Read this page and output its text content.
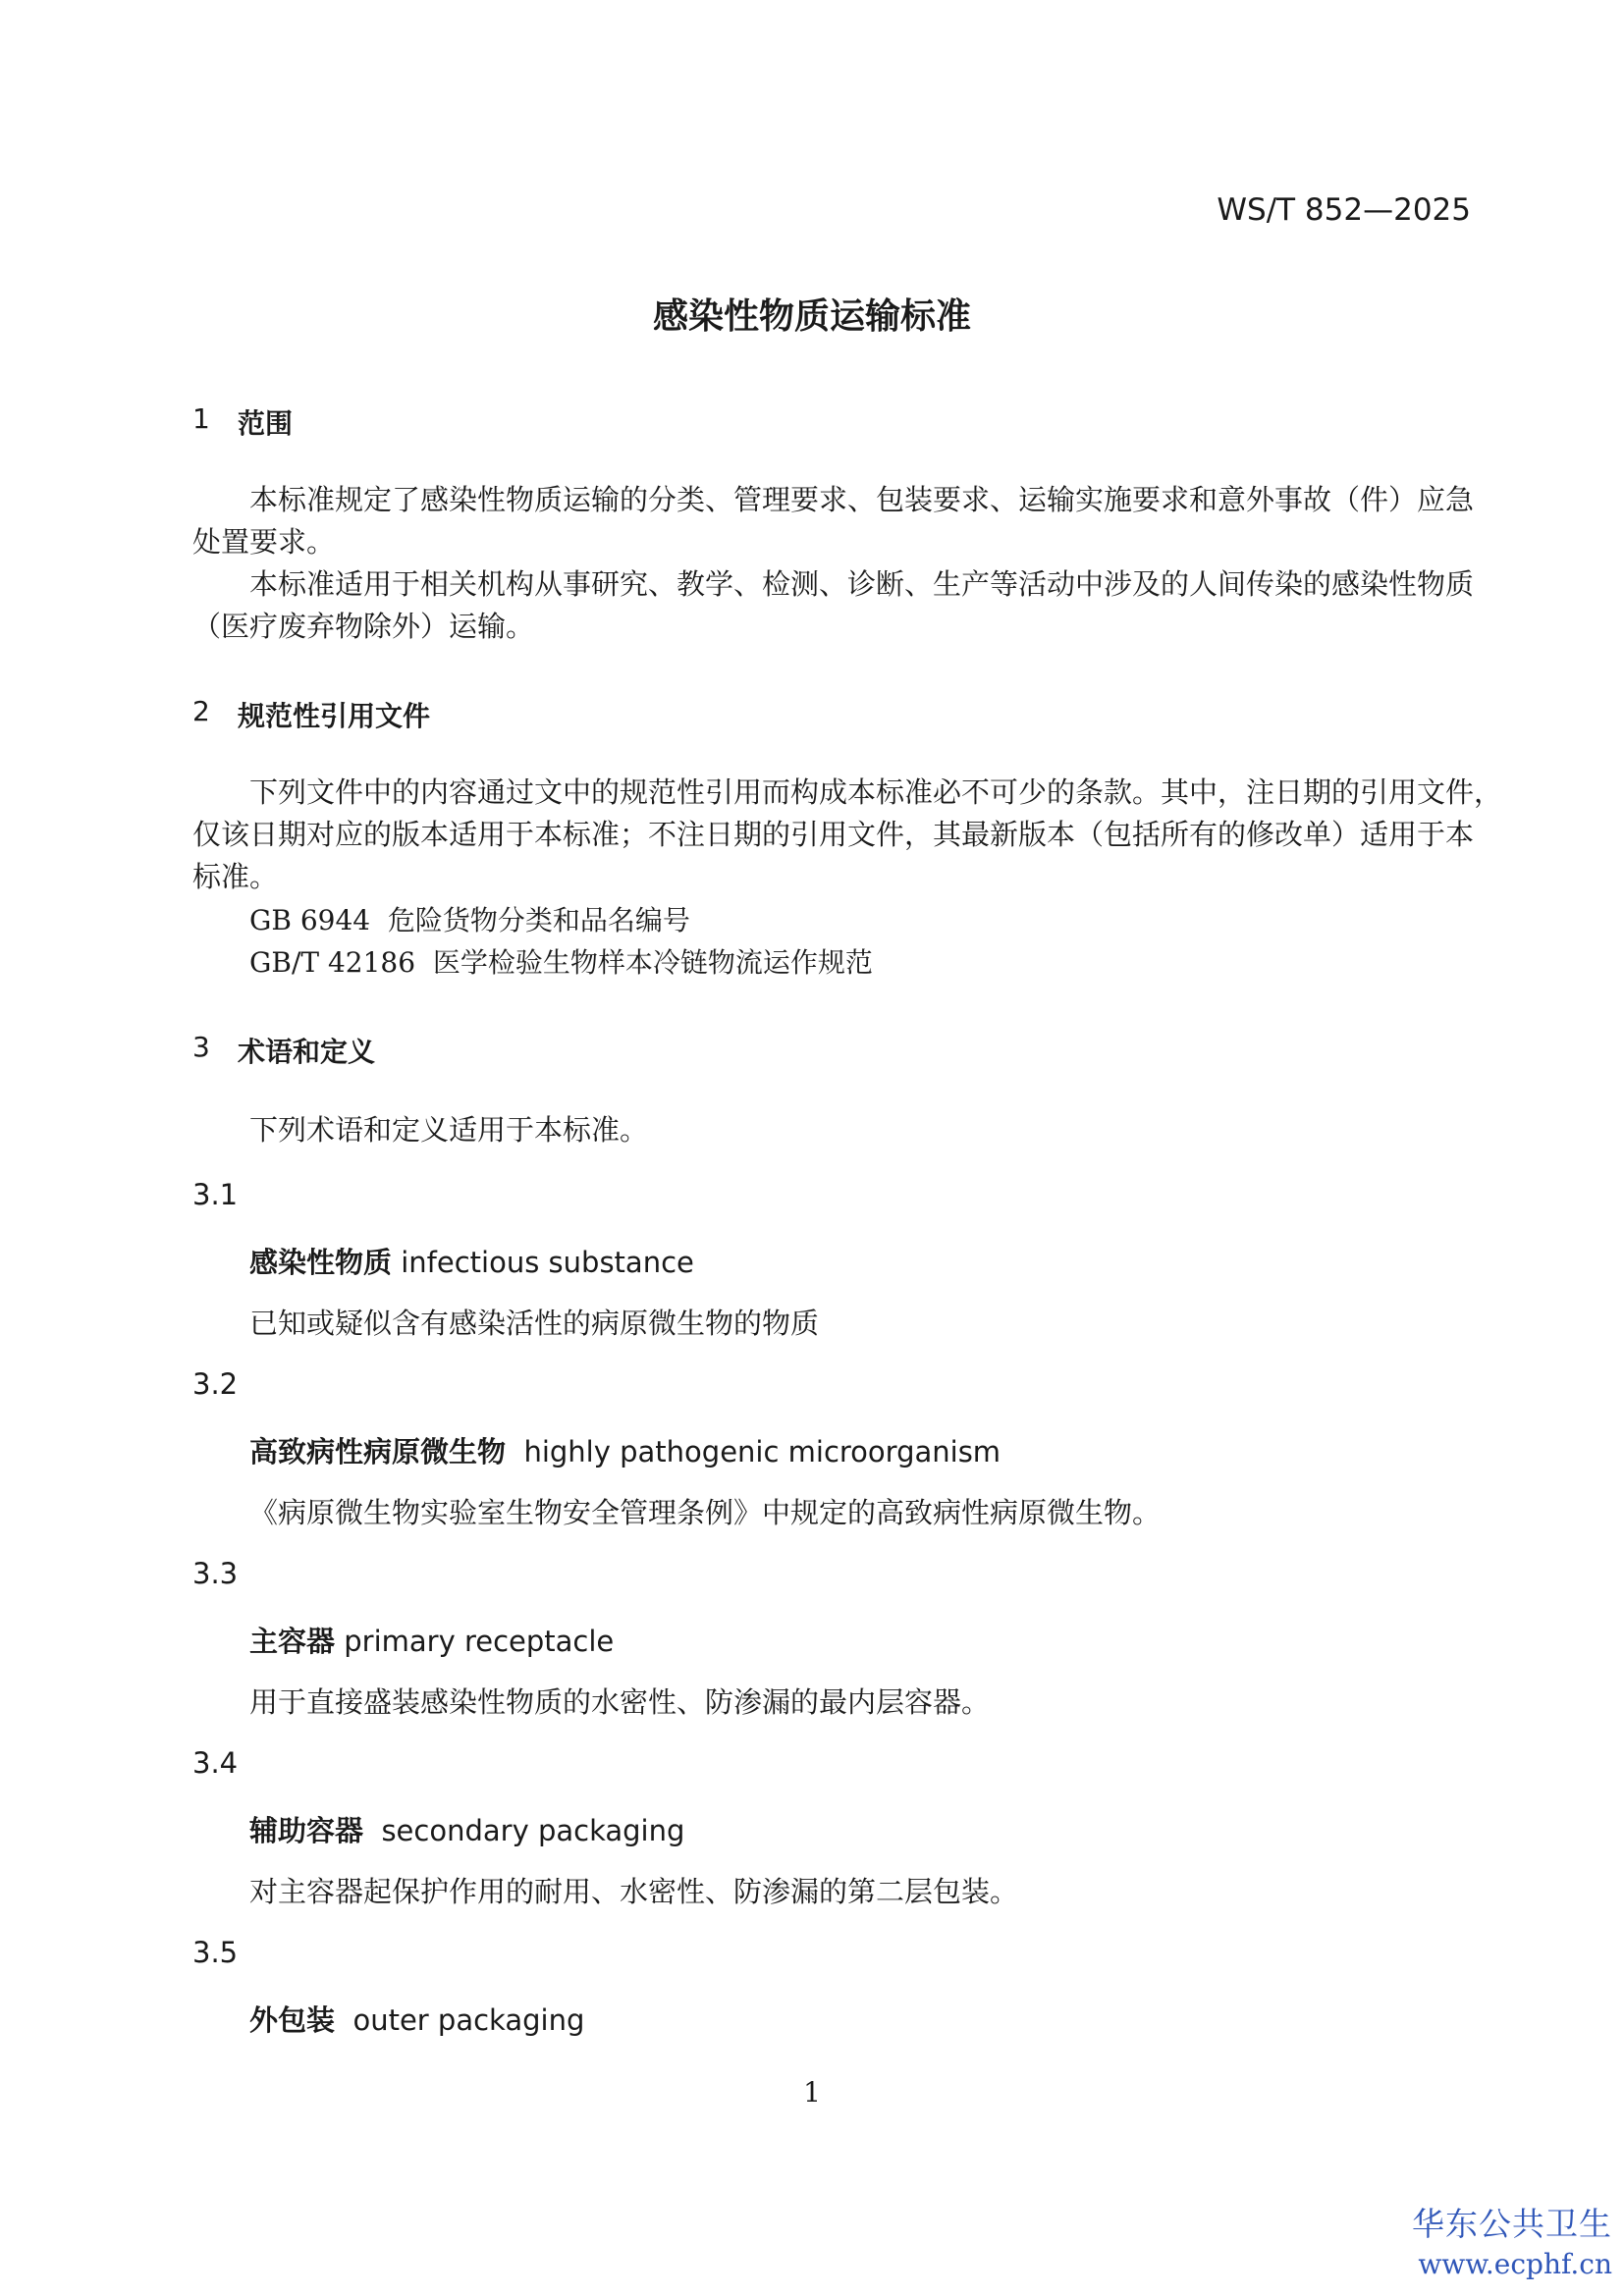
WS/T 852—2025
感染性物质运输标准
1 范围
本标准规定了感染性物质运输的分类、管理要求、包装要求、运输实施要求和意外事故（件）应急
处置要求。
本标准适用于相关机构从事研究、教学、检测、诊断、生产等活动中涉及的人间传染的感染性物质
（医疗废弃物除外）运输。
2 规范性引用文件
下列文件中的内容通过文中的规范性引用而构成本标准必不可少的条款。其中，注日期的引用文件，
仅该日期对应的版本适用于本标准；不注日期的引用文件，其最新版本（包括所有的修改单）适用于本
标准。
GB 6944 危险货物分类和品名编号
GB/T 42186 医学检验生物样本冷链物流运作规范
3 术语和定义
下列术语和定义适用于本标准。
3.1
感染性物质 infectious substance
已知或疑似含有感染活性的病原微生物的物质
3.2
高致病性病原微生物 highly pathogenic microorganism
《病原微生物实验室生物安全管理条例》中规定的高致病性病原微生物。
3.3
主容器 primary receptacle
用于直接盛装感染性物质的水密性、防渗漏的最内层容器。
3.4
辅助容器 secondary packaging
对主容器起保护作用的耐用、水密性、防渗漏的第二层包装。
3.5
外包装 outer packaging
1
华东公共卫生
www.ecphf.cn
